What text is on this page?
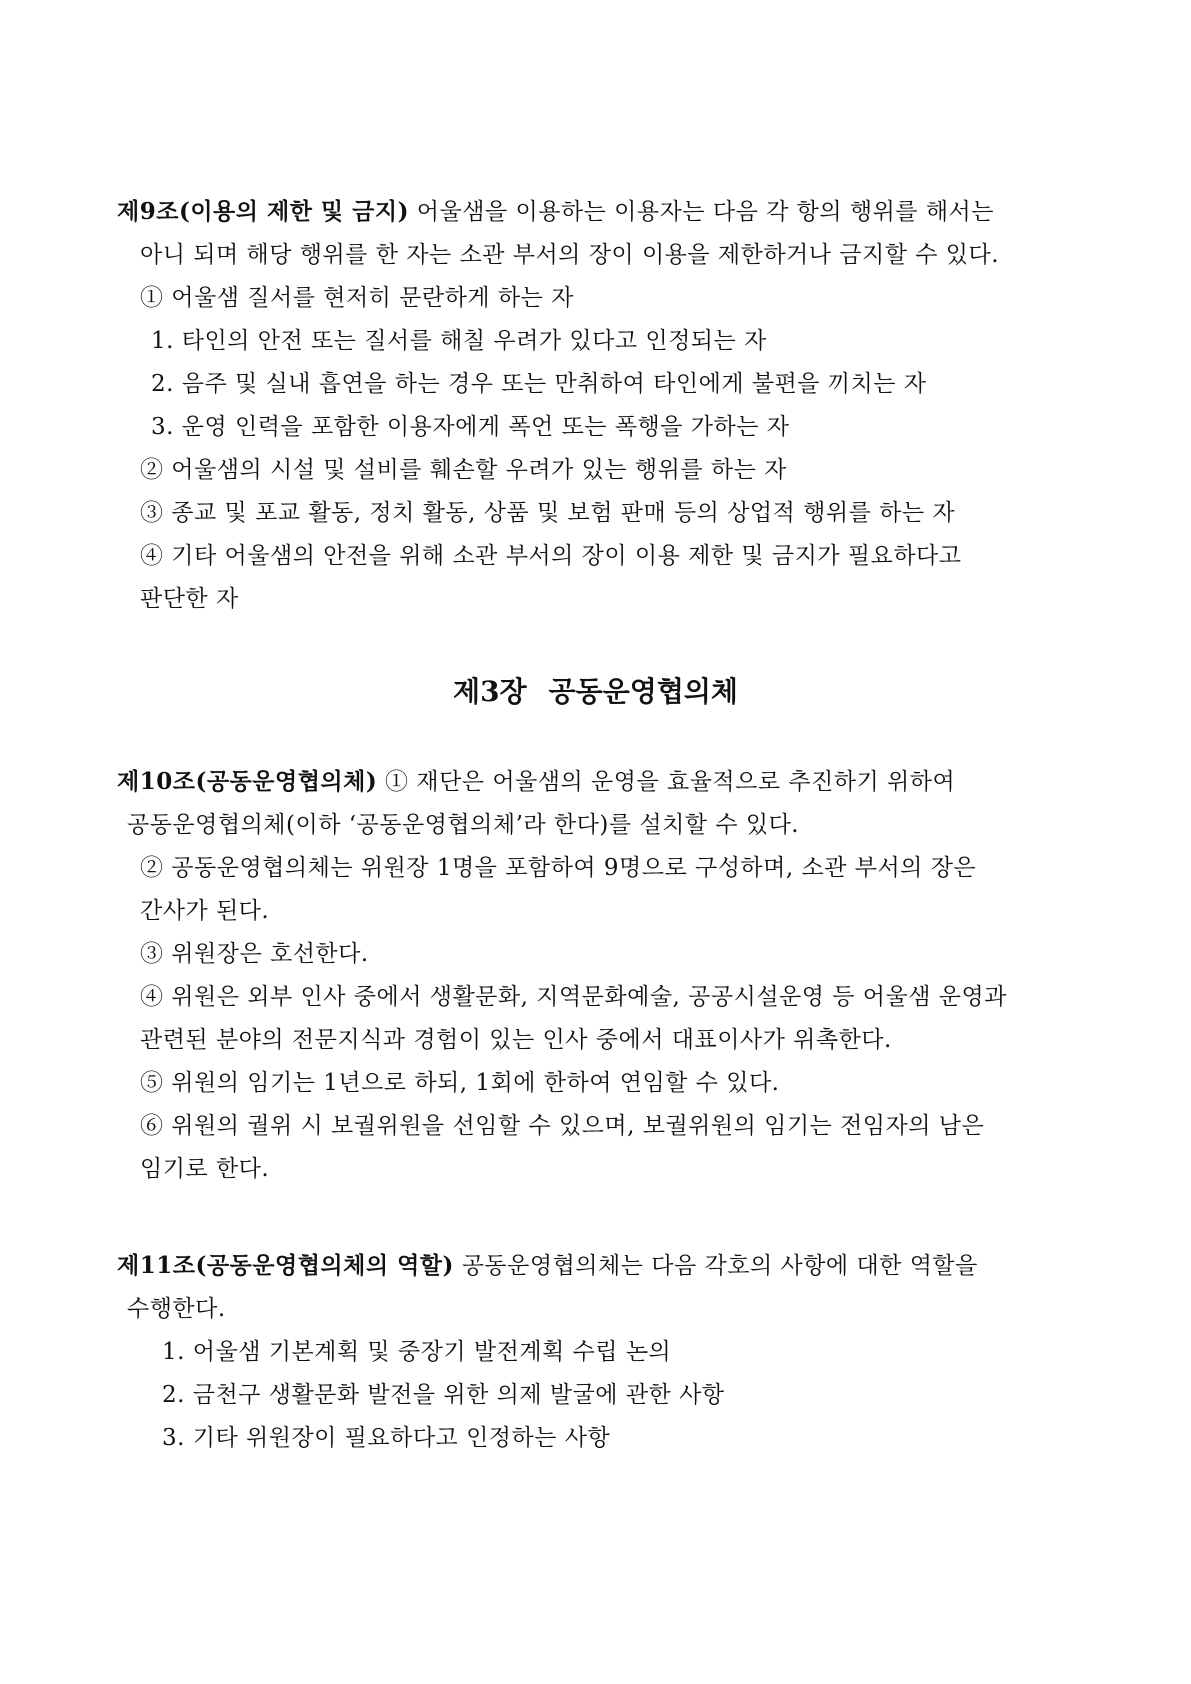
제9조(이용의 제한 및 금지) 어울샘을 이용하는 이용자는 다음 각 항의 행위를 해서는
아니 되며 해당 행위를 한 자는 소관 부서의 장이 이용을 제한하거나 금지할 수 있다.
① 어울샘 질서를 현저히 문란하게 하는 자
1. 타인의 안전 또는 질서를 해칠 우려가 있다고 인정되는 자
2. 음주 및 실내 흡연을 하는 경우 또는 만취하여 타인에게 불편을 끼치는 자
3. 운영 인력을 포함한 이용자에게 폭언 또는 폭행을 가하는 자
② 어울샘의 시설 및 설비를 훼손할 우려가 있는 행위를 하는 자
③ 종교 및 포교 활동, 정치 활동, 상품 및 보험 판매 등의 상업적 행위를 하는 자
④ 기타 어울샘의 안전을 위해 소관 부서의 장이 이용 제한 및 금지가 필요하다고
판단한 자
제3장 공동운영협의체
제10조(공동운영협의체) ① 재단은 어울샘의 운영을 효율적으로 추진하기 위하여
공동운영협의체(이하 ‘공동운영협의체’라 한다)를 설치할 수 있다.
② 공동운영협의체는 위원장 1명을 포함하여 9명으로 구성하며, 소관 부서의 장은
간사가 된다.
③ 위원장은 호선한다.
④ 위원은 외부 인사 중에서 생활문화, 지역문화예술, 공공시설운영 등 어울샘 운영과
관련된 분야의 전문지식과 경험이 있는 인사 중에서 대표이사가 위촉한다.
⑤ 위원의 임기는 1년으로 하되, 1회에 한하여 연임할 수 있다.
⑥ 위원의 궐위 시 보궐위원을 선임할 수 있으며, 보궐위원의 임기는 전임자의 남은
임기로 한다.
제11조(공동운영협의체의 역할) 공동운영협의체는 다음 각호의 사항에 대한 역할을
수행한다.
1. 어울샘 기본계획 및 중장기 발전계획 수립 논의
2. 금천구 생활문화 발전을 위한 의제 발굴에 관한 사항
3. 기타 위원장이 필요하다고 인정하는 사항
